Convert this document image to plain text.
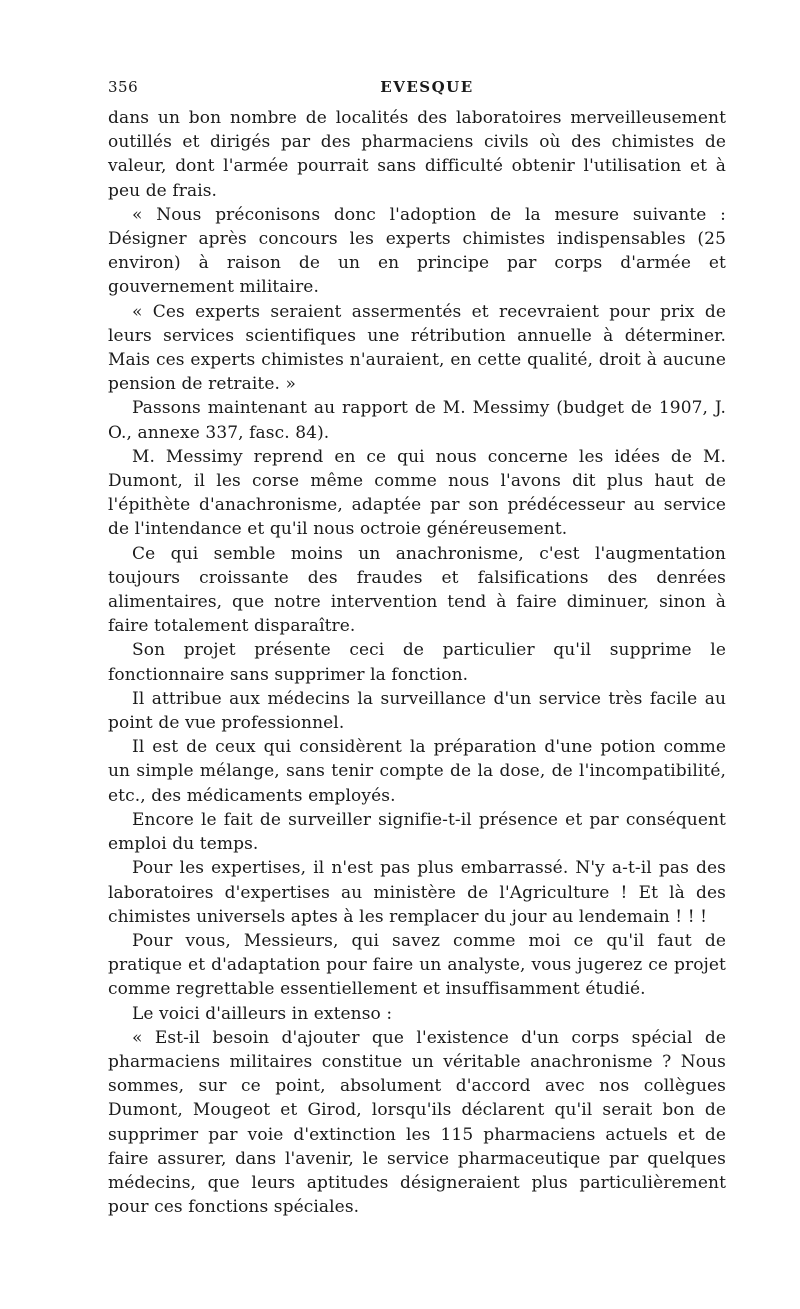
356	EVESQUE

dans un bon nombre de localités des laboratoires merveilleusement outillés et dirigés par des pharmaciens civils où des chimistes de valeur, dont l'armée pourrait sans difficulté obtenir l'utilisation et à peu de frais.

« Nous préconisons donc l'adoption de la mesure suivante : Désigner après concours les experts chimistes indispensables (25 environ) à raison de un en principe par corps d'armée et gouvernement militaire.

« Ces experts seraient assermentés et recevraient pour prix de leurs services scientifiques une rétribution annuelle à déterminer. Mais ces experts chimistes n'auraient, en cette qualité, droit à aucune pension de retraite. »

Passons maintenant au rapport de M. Messimy (budget de 1907, J. O., annexe 337, fasc. 84).

M. Messimy reprend en ce qui nous concerne les idées de M. Dumont, il les corse même comme nous l'avons dit plus haut de l'épithète d'anachronisme, adaptée par son prédécesseur au service de l'intendance et qu'il nous octroie généreusement.

Ce qui semble moins un anachronisme, c'est l'augmentation toujours croissante des fraudes et falsifications des denrées alimentaires, que notre intervention tend à faire diminuer, sinon à faire totalement disparaître.

Son projet présente ceci de particulier qu'il supprime le fonctionnaire sans supprimer la fonction.

Il attribue aux médecins la surveillance d'un service très facile au point de vue professionnel.

Il est de ceux qui considèrent la préparation d'une potion comme un simple mélange, sans tenir compte de la dose, de l'incompatibilité, etc., des médicaments employés.

Encore le fait de surveiller signifie-t-il présence et par conséquent emploi du temps.

Pour les expertises, il n'est pas plus embarrassé. N'y a-t-il pas des laboratoires d'expertises au ministère de l'Agriculture ! Et là des chimistes universels aptes à les remplacer du jour au lendemain ! ! !

Pour vous, Messieurs, qui savez comme moi ce qu'il faut de pratique et d'adaptation pour faire un analyste, vous jugerez ce projet comme regrettable essentiellement et insuffisamment étudié.

Le voici d'ailleurs in extenso :

« Est-il besoin d'ajouter que l'existence d'un corps spécial de pharmaciens militaires constitue un véritable anachronisme ? Nous sommes, sur ce point, absolument d'accord avec nos collègues Dumont, Mougeot et Girod, lorsqu'ils déclarent qu'il serait bon de supprimer par voie d'extinction les 115 pharmaciens actuels et de faire assurer, dans l'avenir, le service pharmaceutique par quelques médecins, que leurs aptitudes désigneraient plus particulièrement pour ces fonctions spéciales.
